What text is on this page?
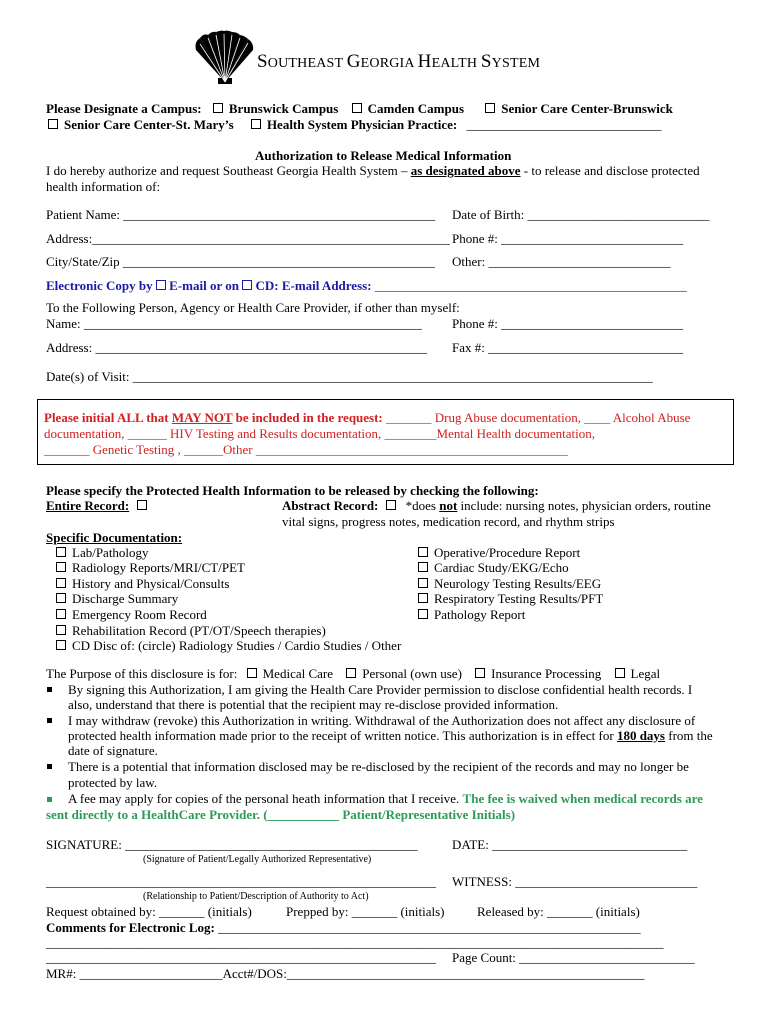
SOUTHEAST GEORGIA HEALTH SYSTEM
Please Designate a Campus: Brunswick Campus Camden Campus	Senior Care Center-Brunswick
Senior Care Center-St. Mary’s	Health System Physician Practice: ______________________________
Authorization to Release Medical Information
I do hereby authorize and request Southeast Georgia Health System – as designated above - to release and disclose protected
health information of:
Patient Name: ________________________________________________ Date of Birth: ____________________________
Address:_______________________________________________________ Phone #: ____________________________
City/State/Zip ________________________________________________ Other: ____________________________
Electronic Copy by  E-mail or on  CD: E-mail Address: ________________________________________________
To the Following Person, Agency or Health Care Provider, if other than myself:
Name: ____________________________________________________ Phone #: ____________________________
Address: ___________________________________________________ Fax #: ______________________________
Date(s) of Visit: ________________________________________________________________________________
Please initial ALL that MAY NOT be included in the request: _______ Drug Abuse documentation, ____ Alcohol Abuse
documentation, ______ HIV Testing and Results documentation, ________Mental Health documentation,
_______ Genetic Testing , ______Other ________________________________________________
Please specify the Protected Health Information to be released by checking the following:
Entire Record:	Abstract Record: *does not include: nursing notes, physician orders, routine
vital signs, progress notes, medication record, and rhythm strips
Specific Documentation:
Lab/Pathology
Radiology Reports/MRI/CT/PET
History and Physical/Consults
Discharge Summary
Emergency Room Record
Rehabilitation Record (PT/OT/Speech therapies)
CD Disc of: (circle) Radiology Studies / Cardio Studies / Other
Operative/Procedure Report
Cardiac Study/EKG/Echo
Neurology Testing Results/EEG
Respiratory Testing Results/PFT
Pathology Report
The Purpose of this disclosure is for: Medical Care Personal (own use) Insurance Processing Legal
By signing this Authorization, I am giving the Health Care Provider permission to disclose confidential health records. I
also, understand that there is potential that the recipient may re-disclose provided information.
I may withdraw (revoke) this Authorization in writing. Withdrawal of the Authorization does not affect any disclosure of
protected health information made prior to the receipt of written notice. This authorization is in effect for 180 days from the
date of signature.
There is a potential that information disclosed may be re-disclosed by the recipient of the records and may no longer be
protected by law.
A fee may apply for copies of the personal heath information that I receive. The fee is waived when medical records are
sent directly to a HealthCare Provider. (___________ Patient/Representative Initials)
SIGNATURE: _____________________________________________	DATE: ______________________________
(Signature of Patient/Legally Authorized Representative)
____________________________________________________________ WITNESS: ____________________________
(Relationship to Patient/Description of Authority to Act)
Request obtained by: _______ (initials)	Prepped by: _______ (initials) Released by: _______ (initials)
Comments for Electronic Log: _________________________________________________________________
_______________________________________________________________________________________________
____________________________________________________________ Page Count: ___________________________
MR#: ______________________Acct#/DOS:_______________________________________________________
